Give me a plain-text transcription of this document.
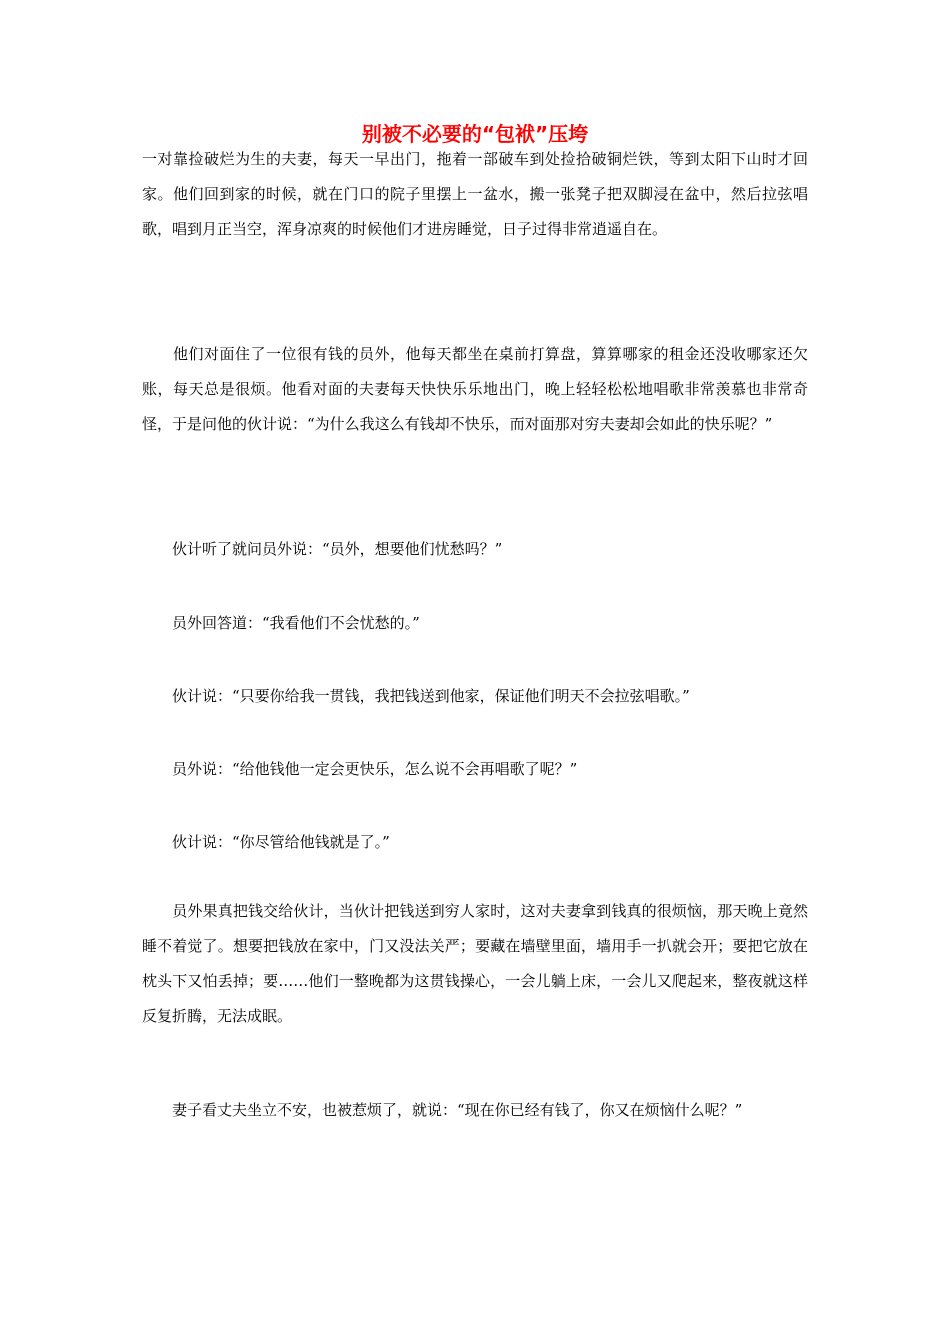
别被不必要的“包袱”压垮

一对靠捡破烂为生的夫妻，每天一早出门，拖着一部破车到处捡拾破铜烂铁，等到太阳下山时才回家。他们回到家的时候，就在门口的院子里摆上一盆水，搬一张凳子把双脚浸在盆中，然后拉弦唱歌，唱到月正当空，浑身凉爽的时候他们才进房睡觉，日子过得非常逍遥自在。

　　他们对面住了一位很有钱的员外，他每天都坐在桌前打算盘，算算哪家的租金还没收哪家还欠账，每天总是很烦。他看对面的夫妻每天快快乐乐地出门，晚上轻轻松松地唱歌非常羡慕也非常奇怪，于是问他的伙计说：“为什么我这么有钱却不快乐，而对面那对穷夫妻却会如此的快乐呢？”

　　伙计听了就问员外说：“员外，想要他们忧愁吗？”

　　员外回答道：“我看他们不会忧愁的。”

　　伙计说：“只要你给我一贯钱，我把钱送到他家，保证他们明天不会拉弦唱歌。”

　　员外说：“给他钱他一定会更快乐，怎么说不会再唱歌了呢？”

　　伙计说：“你尽管给他钱就是了。”

　　员外果真把钱交给伙计，当伙计把钱送到穷人家时，这对夫妻拿到钱真的很烦恼，那天晚上竟然睡不着觉了。想要把钱放在家中，门又没法关严；要藏在墙壁里面，墙用手一扒就会开；要把它放在枕头下又怕丢掉；要……他们一整晚都为这贯钱操心，一会儿躺上床，一会儿又爬起来，整夜就这样反复折腾，无法成眠。

　　妻子看丈夫坐立不安，也被惹烦了，就说：“现在你已经有钱了，你又在烦恼什么呢？”
